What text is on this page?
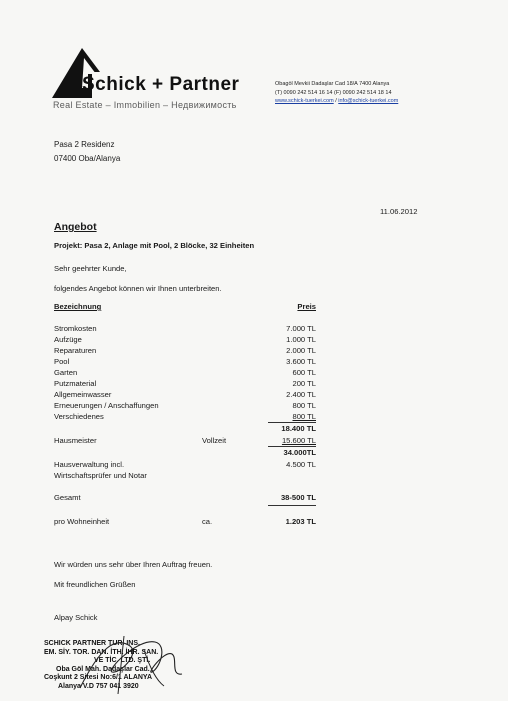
Schick + Partner
Real Estate – Immobilien – Недвижимость
Obagöl Mevkii Dadaşlar Cad 18/A 7400 Alanya
(T) 0090 242 514 16 14 (F) 0090 242 514 18 14
www.schick-tuerkei.com / info@schick-tuerkei.com
Pasa 2 Residenz
07400 Oba/Alanya
11.06.2012
Angebot
Projekt: Pasa 2, Anlage mit Pool, 2 Blöcke, 32 Einheiten
Sehr geehrter Kunde,
folgendes Angebot können wir Ihnen unterbreiten.
Bezeichnung	Preis
Stromkosten	7.000 TL
Aufzüge	1.000 TL
Reparaturen	2.000 TL
Pool	3.600 TL
Garten	600 TL
Putzmaterial	200 TL
Allgemeinwasser	2.400 TL
Erneuerungen / Anschaffungen	800 TL
Verschiedenes	800 TL
18.400 TL
Hausmeister	Vollzeit	15.600 TL
34.000TL
Hausverwaltung incl.	4.500 TL
Wirtschaftsprüfer und Notar
Gesamt	38-500 TL
pro Wohneinheit	ca.	1.203 TL
Wir würden uns sehr über Ihren Auftrag freuen.
Mit freundlichen Grüßen
Alpay Schick
SCHICK PARTNER TUR. INS.
EM. SİY. TOR. DAN. İTH. İHR. SAN.
VE TİC. LTD. ŞTİ.
Oba Göl Mah. Dadaşlar Cad.
Coşkunt 2 Sitesi No:6/1 ALANYA
Alanya V.D 757 041 3920
